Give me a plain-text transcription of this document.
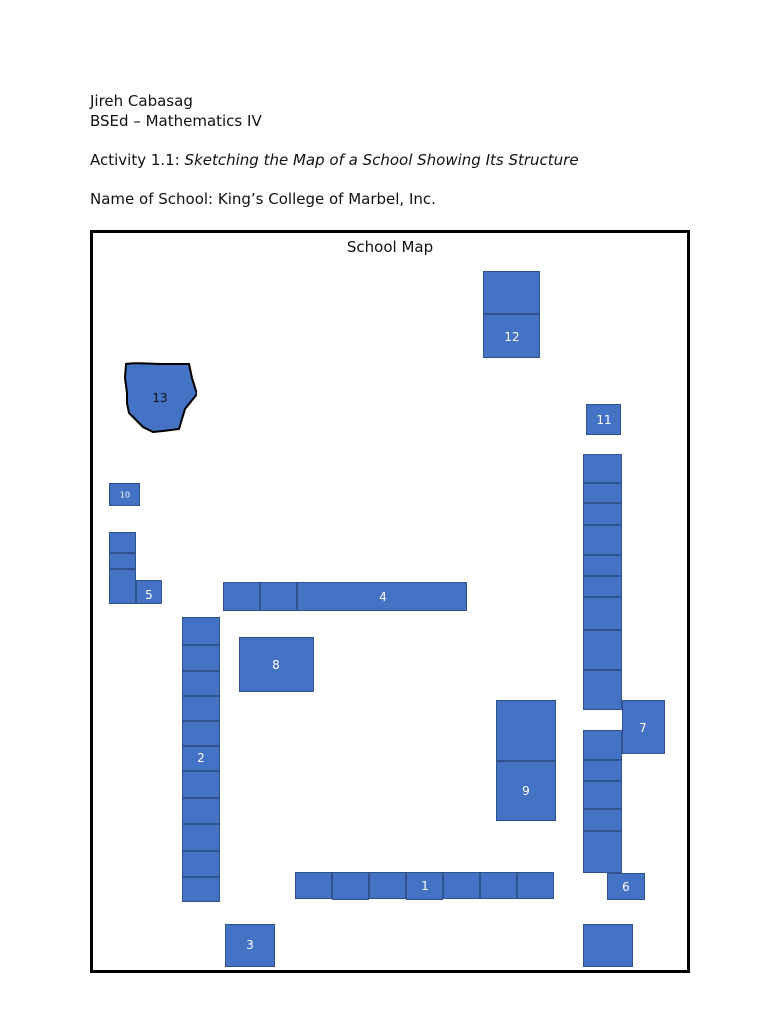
Jireh Cabasag
BSEd – Mathematics IV
Activity 1.1: Sketching the Map of a School Showing Its Structure
Name of School: King’s College of Marbel, Inc.
School Map
12
13
11
10
5	4
2
8
7
9
6
1
3
